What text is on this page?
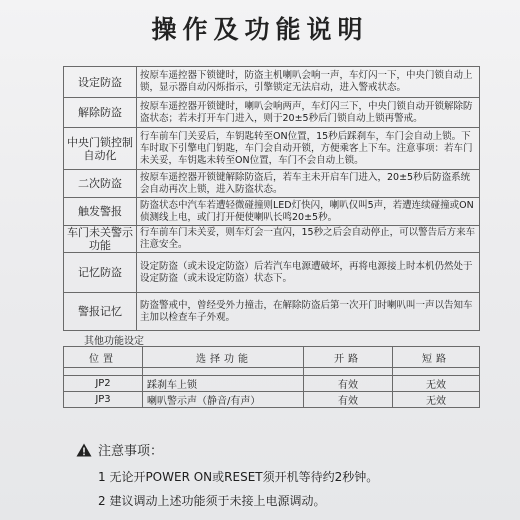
操作及功能说明
设定防盗	按原车遥控器下锁键时，防盗主机喇叭会响一声，车灯闪一下，中央门锁自动上锁，显示器自动闪烁指示，引擎锁定无法启动，进入警戒状态。
解除防盗	按原车遥控器开锁键时，喇叭会响两声，车灯闪三下，中央门锁自动开锁解除防盗状态；若未打开车门进入，则于20±5秒后门锁自动上锁再警戒。
中央门锁控制自动化	行车前车门关妥后，车钥匙转至ON位置，15秒后踩刹车，车门会自动上锁。下车时取下引擎电门钥匙，车门会自动开锁，方便乘客上下车。注意事项：若车门未关妥，车钥匙未转至ON位置，车门不会自动上锁。
二次防盗	按原车遥控器开锁键解除防盗后，若车主未开启车门进入，20±5秒后防盗系统会自动再次上锁，进入防盗状态。
触发警报	防盗状态中汽车若遭轻微碰撞则LED灯快闪，喇叭仅叫5声，若遭连续碰撞或ON侦测线上电，或门打开便使喇叭长鸣20±5秒。
车门未关警示功能	行车前车门未关妥，则车灯会一直闪，15秒之后会自动停止，可以警告后方来车注意安全。
记忆防盗	设定防盗（或未设定防盗）后若汽车电源遭破坏，再将电源接上时本机仍然处于设定防盗（或未设定防盗）状态下。
警报记忆	防盗警戒中，曾经受外力撞击，在解除防盗后第一次开门时喇叭叫一声以告知车主加以检查车子外观。
其他功能设定
位置	选择功能	开路	短路

JP2	踩刹车上锁	有效	无效
JP3	喇叭警示声（静音/有声）	有效	无效
注意事项：
1 无论开POWER ON或RESET须开机等待约2秒钟。
2 建议调动上述功能须于未接上电源调动。
